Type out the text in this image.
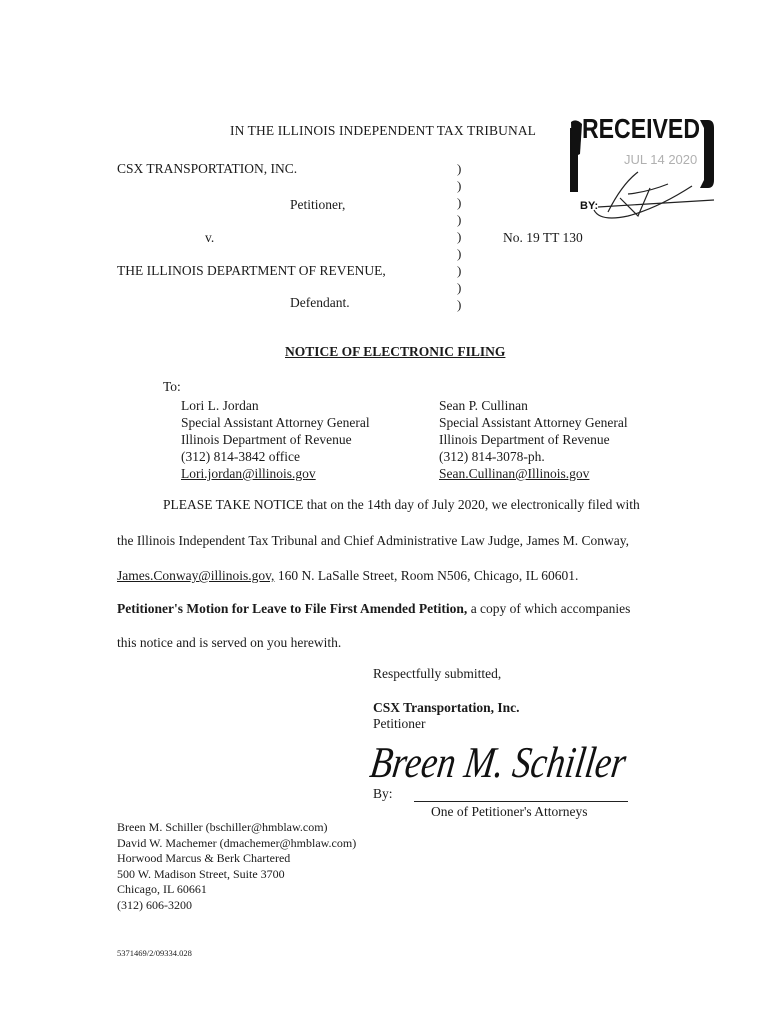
IN THE ILLINOIS INDEPENDENT TAX TRIBUNAL RECEIVED
JUL 14 2020
BY:
CSX TRANSPORTATION, INC.
Petitioner,
v.
THE ILLINOIS DEPARTMENT OF REVENUE,
Defendant.
No. 19 TT 130
)
)
)
)
)
)
)
)
)
NOTICE OF ELECTRONIC FILING
To:
Lori L. Jordan
Special Assistant Attorney General
Illinois Department of Revenue
(312) 814-3842 office
Lori.jordan@illinois.gov
Sean P. Cullinan
Special Assistant Attorney General
Illinois Department of Revenue
(312) 814-3078-ph.
Sean.Cullinan@Illinois.gov
PLEASE TAKE NOTICE that on the 14th day of July 2020, we electronically filed with
the Illinois Independent Tax Tribunal and Chief Administrative Law Judge, James M. Conway,
James.Conway@illinois.gov, 160 N. LaSalle Street, Room N506, Chicago, IL 60601.
Petitioner's Motion for Leave to File First Amended Petition, a copy of which accompanies
this notice and is served on you herewith.
Respectfully submitted,
CSX Transportation, Inc.
Petitioner
Breen M. Schiller
By:
One of Petitioner's Attorneys
Breen M. Schiller (bschiller@hmblaw.com)
David W. Machemer (dmachemer@hmblaw.com)
Horwood Marcus & Berk Chartered
500 W. Madison Street, Suite 3700
Chicago, IL 60661
(312) 606-3200
5371469/2/09334.028
